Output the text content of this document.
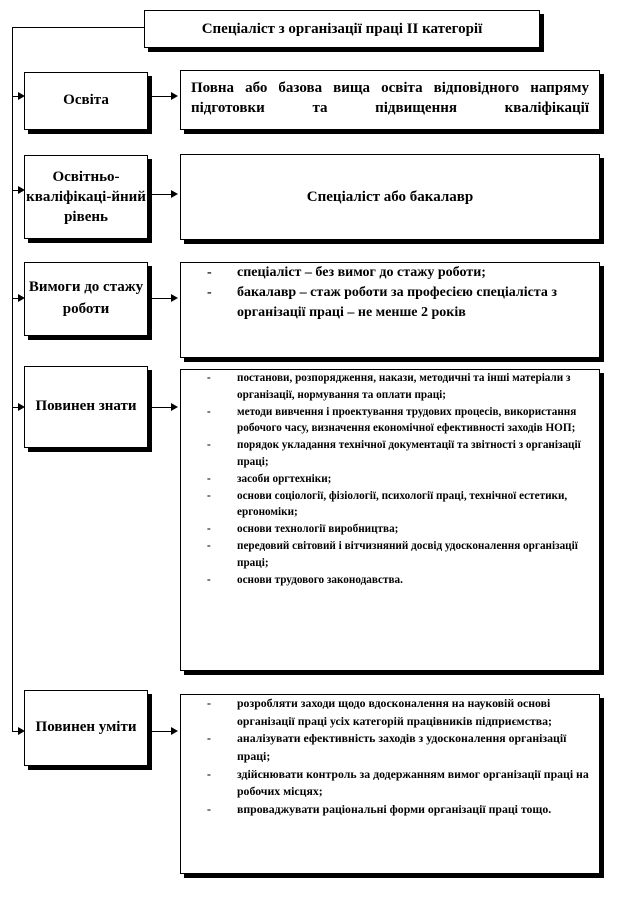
Спеціаліст з організації праці ІІ категорії
Освіта
Повна або базова вища освіта відповідного напряму підготовки та підвищення кваліфікації
Освітньо-кваліфікаці-йний рівень
Спеціаліст або бакалавр
Вимоги до стажу роботи
- спеціаліст – без вимог до стажу роботи;
- бакалавр – стаж роботи за професією спеціаліста з організації праці – не менше 2 років
Повинен знати
- постанови, розпорядження, накази, методичні та інші матеріали з організації, нормування та оплати праці;
- методи вивчення і проектування трудових процесів, використання робочого часу, визначення економічної ефективності заходів НОП;
- порядок укладання технічної документації та звітності з організації праці;
- засоби оргтехніки;
- основи соціології, фізіології, психології праці, технічної естетики, ергономіки;
- основи технології виробництва;
- передовий світовий і вітчизняний досвід удосконалення організації праці;
- основи трудового законодавства.
Повинен уміти
- розробляти заходи щодо вдосконалення на науковій основі організації праці усіх категорій працівників підприємства;
- аналізувати ефективність заходів з удосконалення організації праці;
- здійснювати контроль за додержанням вимог організації праці на робочих місцях;
- впроваджувати раціональні форми організації праці тощо.
